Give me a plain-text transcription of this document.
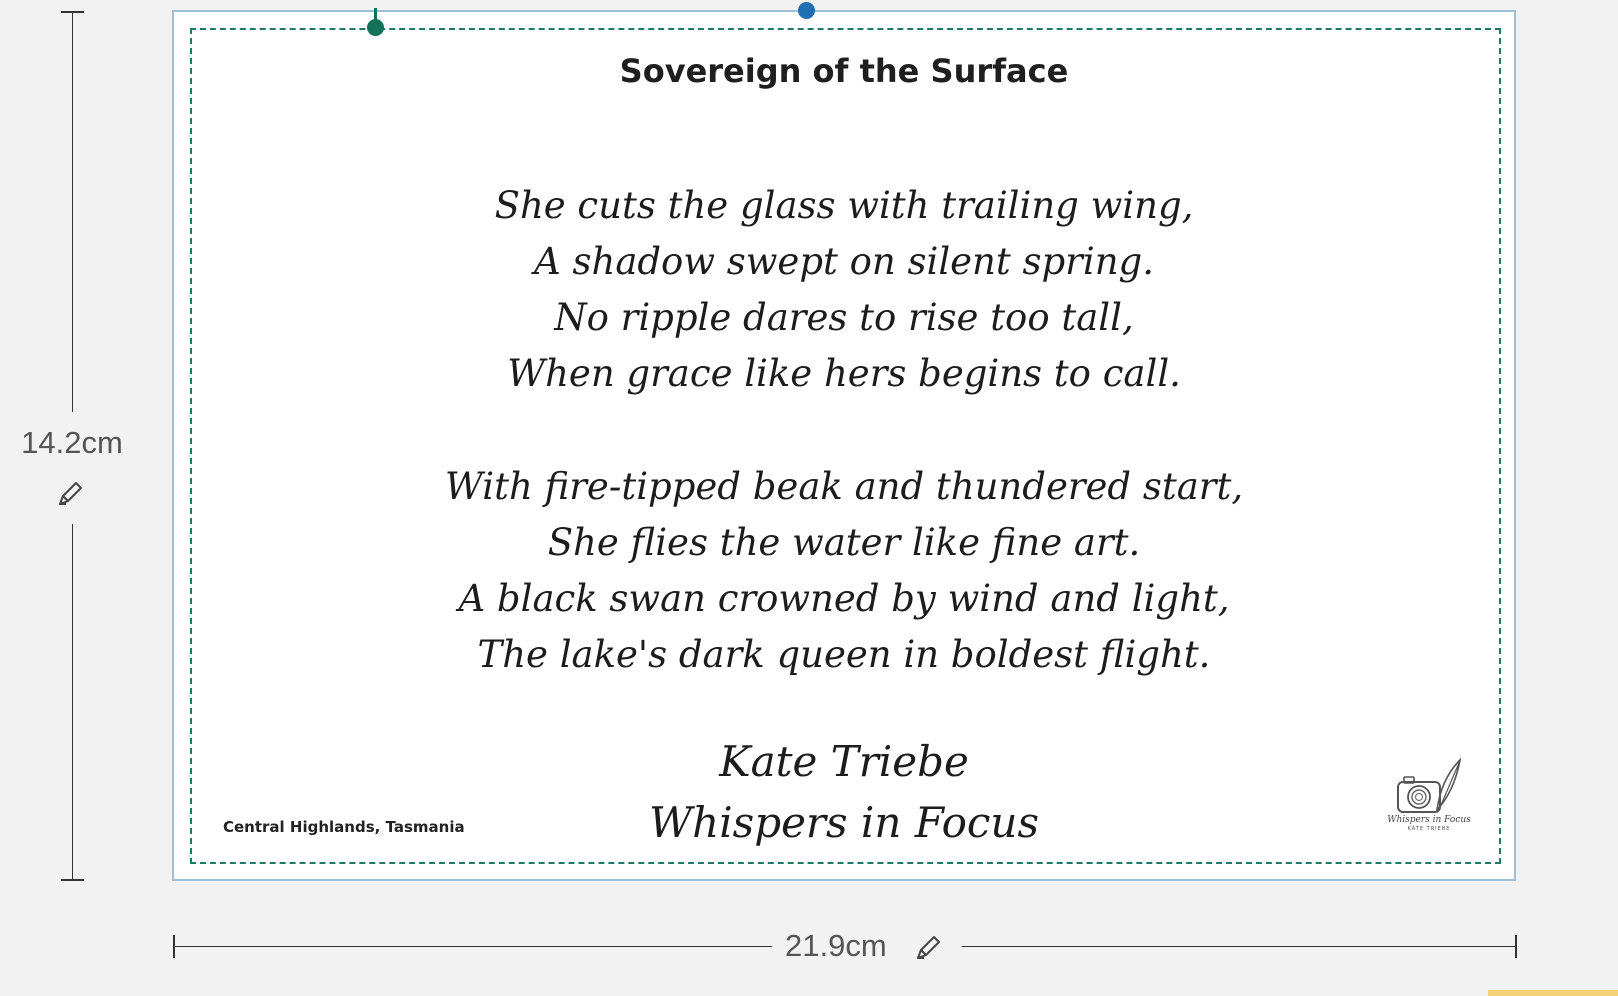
14.2cm
Sovereign of the Surface
She cuts the glass with trailing wing,
A shadow swept on silent spring.
No ripple dares to rise too tall,
When grace like hers begins to call.
With fire-tipped beak and thundered start,
She flies the water like fine art.
A black swan crowned by wind and light,
The lake's dark queen in boldest flight.
Kate Triebe
Whispers in Focus
Central Highlands, Tasmania	Whispers in Focus
KATE TRIEBE
21.9cm
